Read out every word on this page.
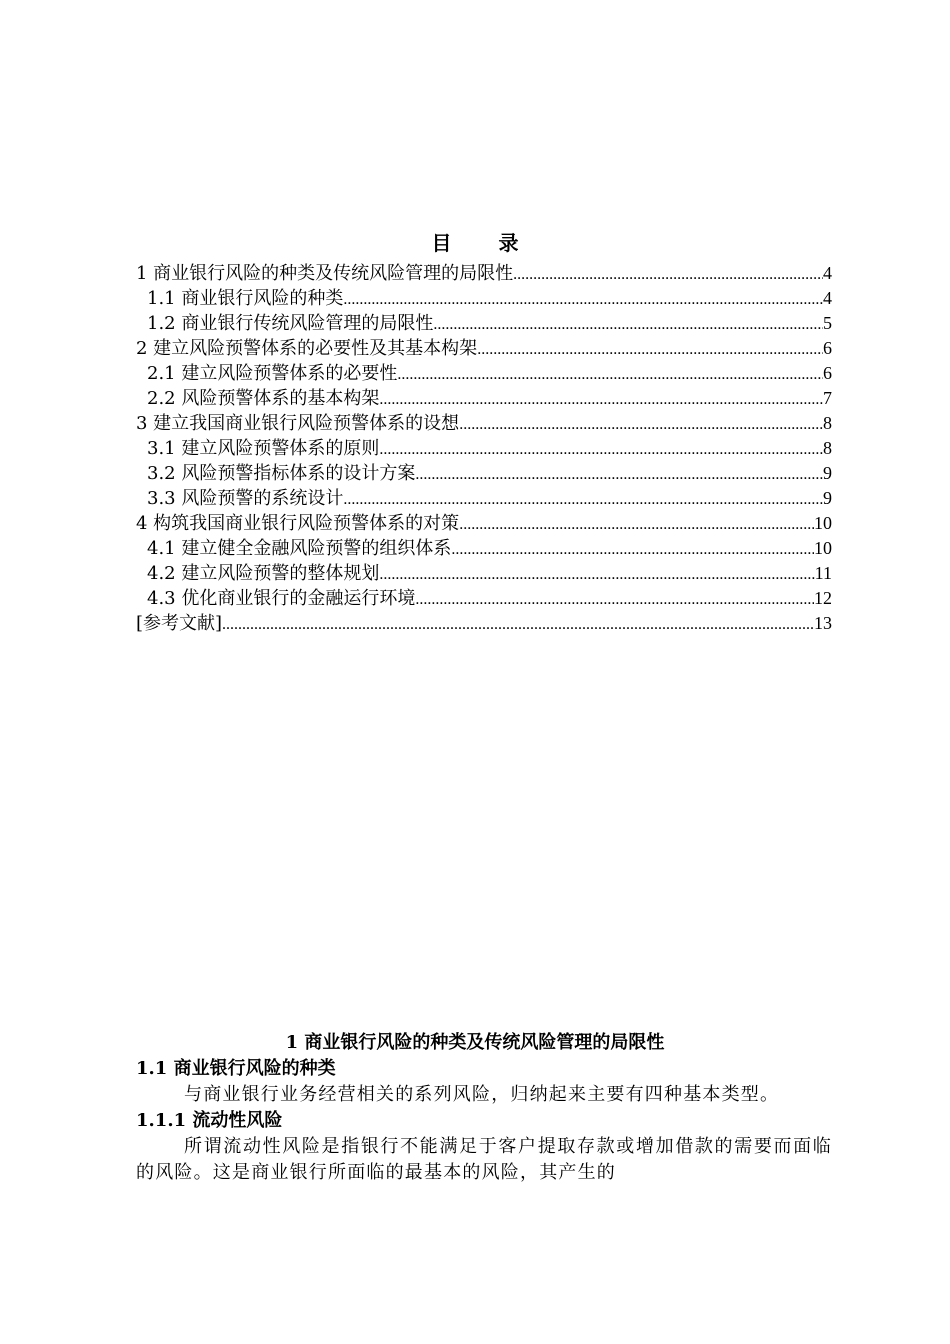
目 录
1 商业银行风险的种类及传统风险管理的局限性 .....	4
1.1 商业银行风险的种类 .....	4
1.2 商业银行传统风险管理的局限性 .....	5
2 建立风险预警体系的必要性及其基本构架 .....	6
2.1 建立风险预警体系的必要性 .....	6
2.2 风险预警体系的基本构架 .....	7
3 建立我国商业银行风险预警体系的设想 .....	8
3.1 建立风险预警体系的原则 .....	8
3.2 风险预警指标体系的设计方案 .....	9
3.3 风险预警的系统设计 .....	9
4 构筑我国商业银行风险预警体系的对策 .....	10
4.1 建立健全金融风险预警的组织体系 .....	10
4.2 建立风险预警的整体规划 .....	11
4.3 优化商业银行的金融运行环境 .....	12
[参考文献] .....	13
1 商业银行风险的种类及传统风险管理的局限性
1.1 商业银行风险的种类
与商业银行业务经营相关的系列风险，归纳起来主要有四种基本类型。
1.1.1 流动性风险
所谓流动性风险是指银行不能满足于客户提取存款或增加借款的需要而面临的风险。这是商业银行所面临的最基本的风险，其产生的
